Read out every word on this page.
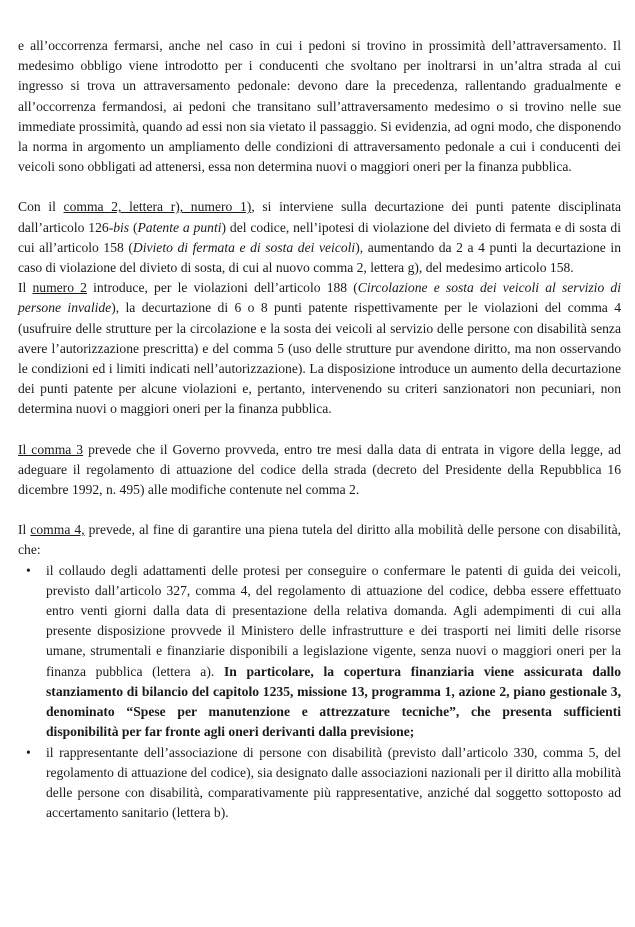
e all’occorrenza fermarsi, anche nel caso in cui i pedoni si trovino in prossimità dell’attraversamento. Il medesimo obbligo viene introdotto per i conducenti che svoltano per inoltrarsi in un’altra strada al cui ingresso si trova un attraversamento pedonale: devono dare la precedenza, rallentando gradualmente e all’occorrenza fermandosi, ai pedoni che transitano sull’attraversamento medesimo o si trovino nelle sue immediate prossimità, quando ad essi non sia vietato il passaggio. Si evidenzia, ad ogni modo, che disponendo la norma in argomento un ampliamento delle condizioni di attraversamento pedonale a cui i conducenti dei veicoli sono obbligati ad attenersi, essa non determina nuovi o maggiori oneri per la finanza pubblica.

Con il comma 2, lettera r), numero 1), si interviene sulla decurtazione dei punti patente disciplinata dall’articolo 126-bis (Patente a punti) del codice, nell’ipotesi di violazione del divieto di fermata e di sosta di cui all’articolo 158 (Divieto di fermata e di sosta dei veicoli), aumentando da 2 a 4 punti la decurtazione in caso di violazione del divieto di sosta, di cui al nuovo comma 2, lettera g), del medesimo articolo 158.

Il numero 2 introduce, per le violazioni dell’articolo 188 (Circolazione e sosta dei veicoli al servizio di persone invalide), la decurtazione di 6 o 8 punti patente rispettivamente per le violazioni del comma 4 (usufruire delle strutture per la circolazione e la sosta dei veicoli al servizio delle persone con disabilità senza avere l’autorizzazione prescritta) e del comma 5 (uso delle strutture pur avendone diritto, ma non osservando le condizioni ed i limiti indicati nell’autorizzazione). La disposizione introduce un aumento della decurtazione dei punti patente per alcune violazioni e, pertanto, intervenendo su criteri sanzionatori non pecuniari, non determina nuovi o maggiori oneri per la finanza pubblica.

Il comma 3 prevede che il Governo provveda, entro tre mesi dalla data di entrata in vigore della legge, ad adeguare il regolamento di attuazione del codice della strada (decreto del Presidente della Repubblica 16 dicembre 1992, n. 495) alle modifiche contenute nel comma 2.

Il comma 4, prevede, al fine di garantire una piena tutela del diritto alla mobilità delle persone con disabilità, che:

•	il collaudo degli adattamenti delle protesi per conseguire o confermare le patenti di guida dei veicoli, previsto dall’articolo 327, comma 4, del regolamento di attuazione del codice, debba essere effettuato entro venti giorni dalla data di presentazione della relativa domanda. Agli adempimenti di cui alla presente disposizione provvede il Ministero delle infrastrutture e dei trasporti nei limiti delle risorse umane, strumentali e finanziarie disponibili a legislazione vigente, senza nuovi o maggiori oneri per la finanza pubblica (lettera a). In particolare, la copertura finanziaria viene assicurata dallo stanziamento di bilancio del capitolo 1235, missione 13, programma 1, azione 2, piano gestionale 3, denominato “Spese per manutenzione e attrezzature tecniche”, che presenta sufficienti disponibilità per far fronte agli oneri derivanti dalla previsione;
•	il rappresentante dell’associazione di persone con disabilità (previsto dall’articolo 330, comma 5, del regolamento di attuazione del codice), sia designato dalle associazioni nazionali per il diritto alla mobilità delle persone con disabilità, comparativamente più rappresentative, anziché dal soggetto sottoposto ad accertamento sanitario (lettera b).
